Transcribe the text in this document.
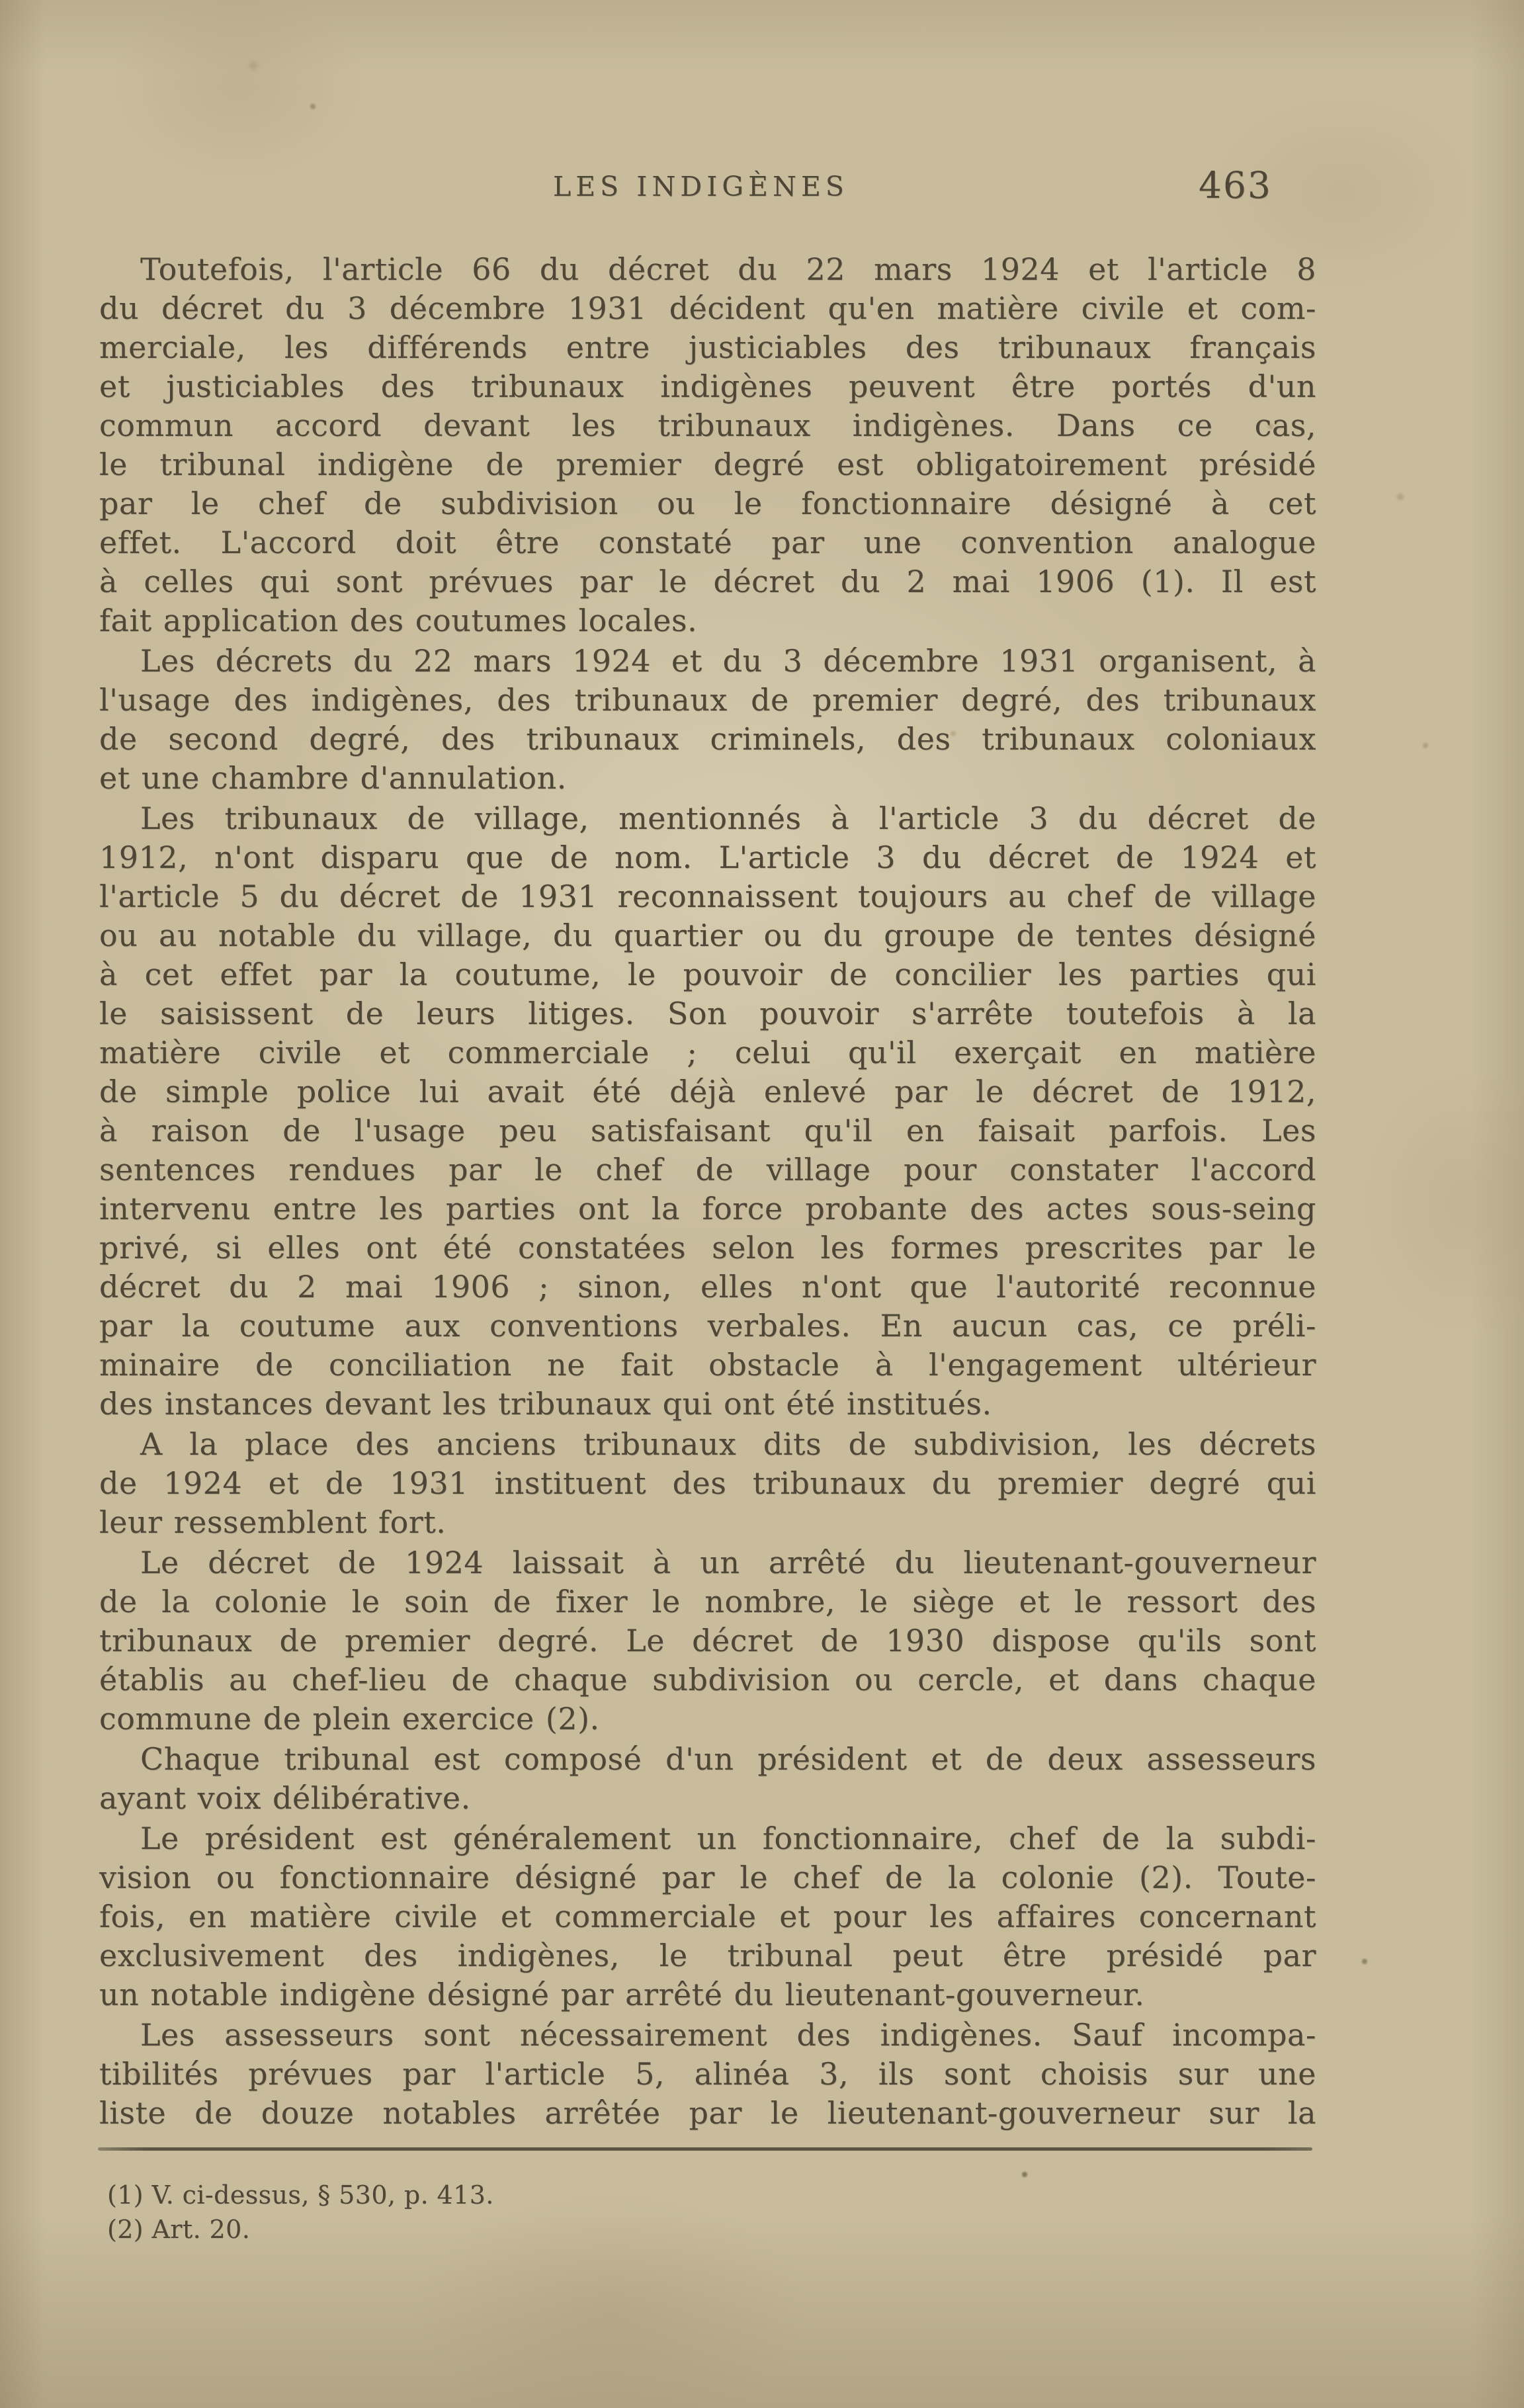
LES INDIGÈNES	463
Toutefois, l'article 66 du décret du 22 mars 1924 et l'article 8
du décret du 3 décembre 1931 décident qu'en matière civile et com-
merciale, les différends entre justiciables des tribunaux français
et justiciables des tribunaux indigènes peuvent être portés d'un
commun accord devant les tribunaux indigènes. Dans ce cas,
le tribunal indigène de premier degré est obligatoirement présidé
par le chef de subdivision ou le fonctionnaire désigné à cet
effet. L'accord doit être constaté par une convention analogue
à celles qui sont prévues par le décret du 2 mai 1906 (1). Il est
fait application des coutumes locales.
Les décrets du 22 mars 1924 et du 3 décembre 1931 organisent, à
l'usage des indigènes, des tribunaux de premier degré, des tribunaux
de second degré, des tribunaux criminels, des tribunaux coloniaux
et une chambre d'annulation.
Les tribunaux de village, mentionnés à l'article 3 du décret de
1912, n'ont disparu que de nom. L'article 3 du décret de 1924 et
l'article 5 du décret de 1931 reconnaissent toujours au chef de village
ou au notable du village, du quartier ou du groupe de tentes désigné
à cet effet par la coutume, le pouvoir de concilier les parties qui
le saisissent de leurs litiges. Son pouvoir s'arrête toutefois à la
matière civile et commerciale ; celui qu'il exerçait en matière
de simple police lui avait été déjà enlevé par le décret de 1912,
à raison de l'usage peu satisfaisant qu'il en faisait parfois. Les
sentences rendues par le chef de village pour constater l'accord
intervenu entre les parties ont la force probante des actes sous-seing
privé, si elles ont été constatées selon les formes prescrites par le
décret du 2 mai 1906 ; sinon, elles n'ont que l'autorité reconnue
par la coutume aux conventions verbales. En aucun cas, ce préli-
minaire de conciliation ne fait obstacle à l'engagement ultérieur
des instances devant les tribunaux qui ont été institués.
A la place des anciens tribunaux dits de subdivision, les décrets
de 1924 et de 1931 instituent des tribunaux du premier degré qui
leur ressemblent fort.
Le décret de 1924 laissait à un arrêté du lieutenant-gouverneur
de la colonie le soin de fixer le nombre, le siège et le ressort des
tribunaux de premier degré. Le décret de 1930 dispose qu'ils sont
établis au chef-lieu de chaque subdivision ou cercle, et dans chaque
commune de plein exercice (2).
Chaque tribunal est composé d'un président et de deux assesseurs
ayant voix délibérative.
Le président est généralement un fonctionnaire, chef de la subdi-
vision ou fonctionnaire désigné par le chef de la colonie (2). Toute-
fois, en matière civile et commerciale et pour les affaires concernant
exclusivement des indigènes, le tribunal peut être présidé par
un notable indigène désigné par arrêté du lieutenant-gouverneur.
Les assesseurs sont nécessairement des indigènes. Sauf incompa-
tibilités prévues par l'article 5, alinéa 3, ils sont choisis sur une
liste de douze notables arrêtée par le lieutenant-gouverneur sur la
(1) V. ci-dessus, § 530, p. 413.
(2) Art. 20.
